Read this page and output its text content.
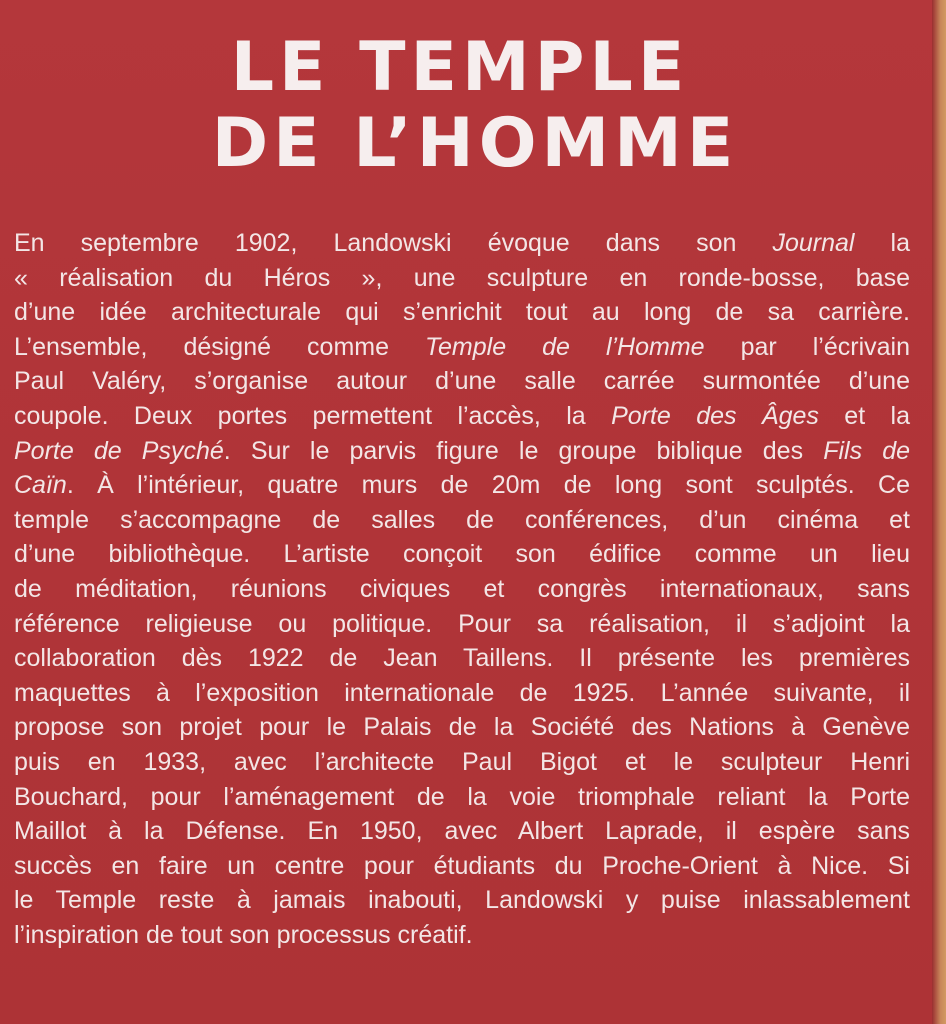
LE TEMPLE
DE L’HOMME
En septembre 1902, Landowski évoque dans son Journal la
« réalisation du Héros », une sculpture en ronde-bosse, base
d’une idée architecturale qui s’enrichit tout au long de sa carrière.
L’ensemble, désigné comme Temple de l’Homme par l’écrivain
Paul Valéry, s’organise autour d’une salle carrée surmontée d’une
coupole. Deux portes permettent l’accès, la Porte des Âges et la
Porte de Psyché. Sur le parvis figure le groupe biblique des Fils de
Caïn. À l’intérieur, quatre murs de 20m de long sont sculptés. Ce
temple s’accompagne de salles de conférences, d’un cinéma et
d’une bibliothèque. L’artiste conçoit son édifice comme un lieu
de méditation, réunions civiques et congrès internationaux, sans
référence religieuse ou politique. Pour sa réalisation, il s’adjoint la
collaboration dès 1922 de Jean Taillens. Il présente les premières
maquettes à l’exposition internationale de 1925. L’année suivante, il
propose son projet pour le Palais de la Société des Nations à Genève
puis en 1933, avec l’architecte Paul Bigot et le sculpteur Henri
Bouchard, pour l’aménagement de la voie triomphale reliant la Porte
Maillot à la Défense. En 1950, avec Albert Laprade, il espère sans
succès en faire un centre pour étudiants du Proche-Orient à Nice. Si
le Temple reste à jamais inabouti, Landowski y puise inlassablement
l’inspiration de tout son processus créatif.
